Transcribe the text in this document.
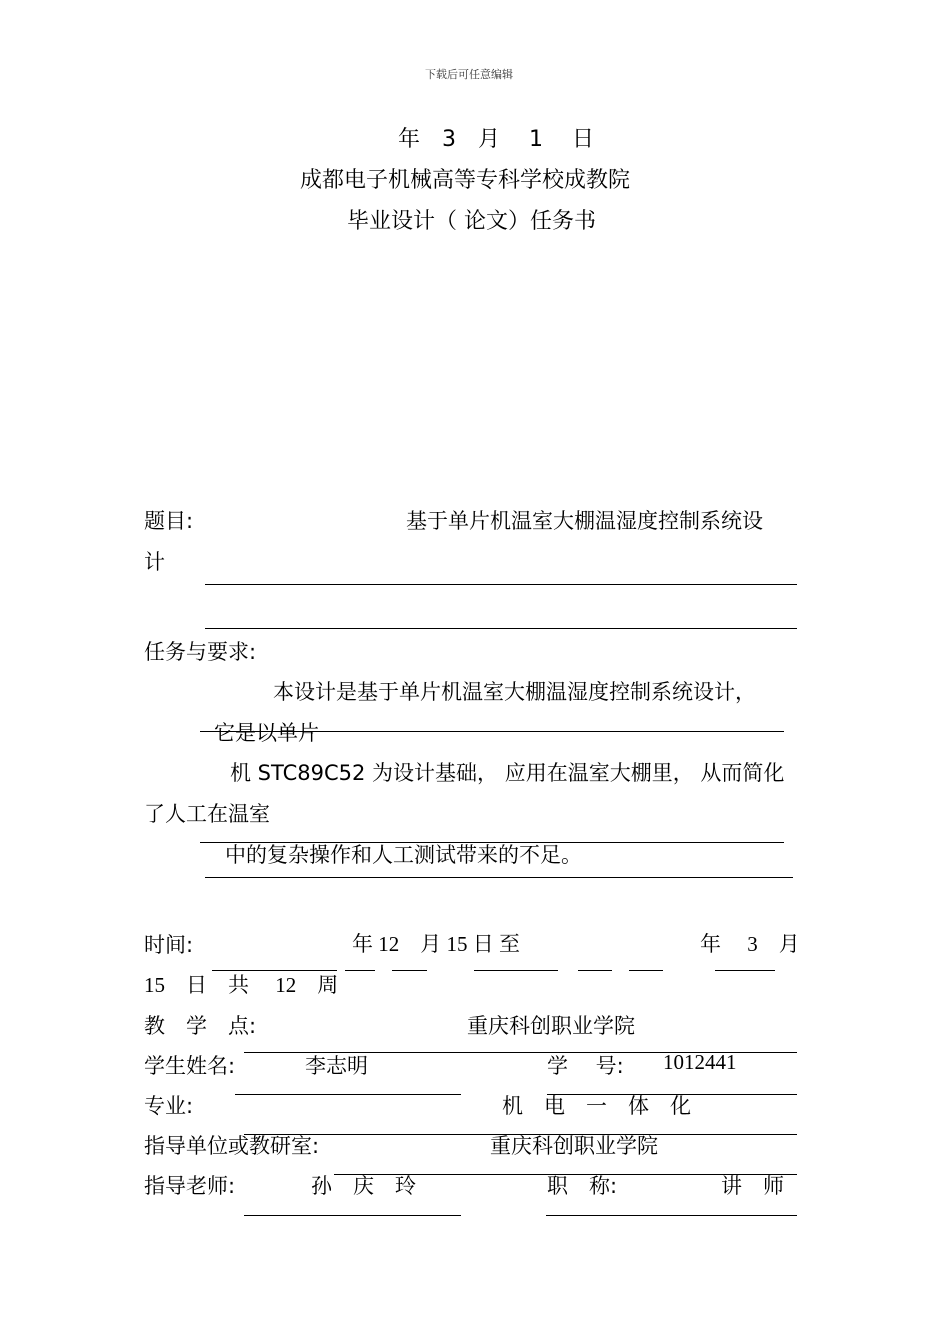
下载后可任意编辑
年　3　月　 1　 日
成都电子机械高等专科学校成教院
毕业设计（ 论文）任务书
题目:	基于单片机温室大棚温湿度控制系统设
计
任务与要求:
本设计是基于单片机温室大棚温湿度控制系统设计，
它是以单片
机 STC89C52 为设计基础， 应用在温室大棚里， 从而简化
了人工在温室
中的复杂操作和人工测试带来的不足。
时间:	年 12　月 15 日 至	年　 3　月
15　日　共　 12　周
教　学　点:	重庆科创职业学院
学生姓名:	李志明	学　 号: 1012441
专业:	机　电　一　体　化
指导单位或教研室:	重庆科创职业学院
指导老师:	孙　庆　玲	职　称:	讲　师
